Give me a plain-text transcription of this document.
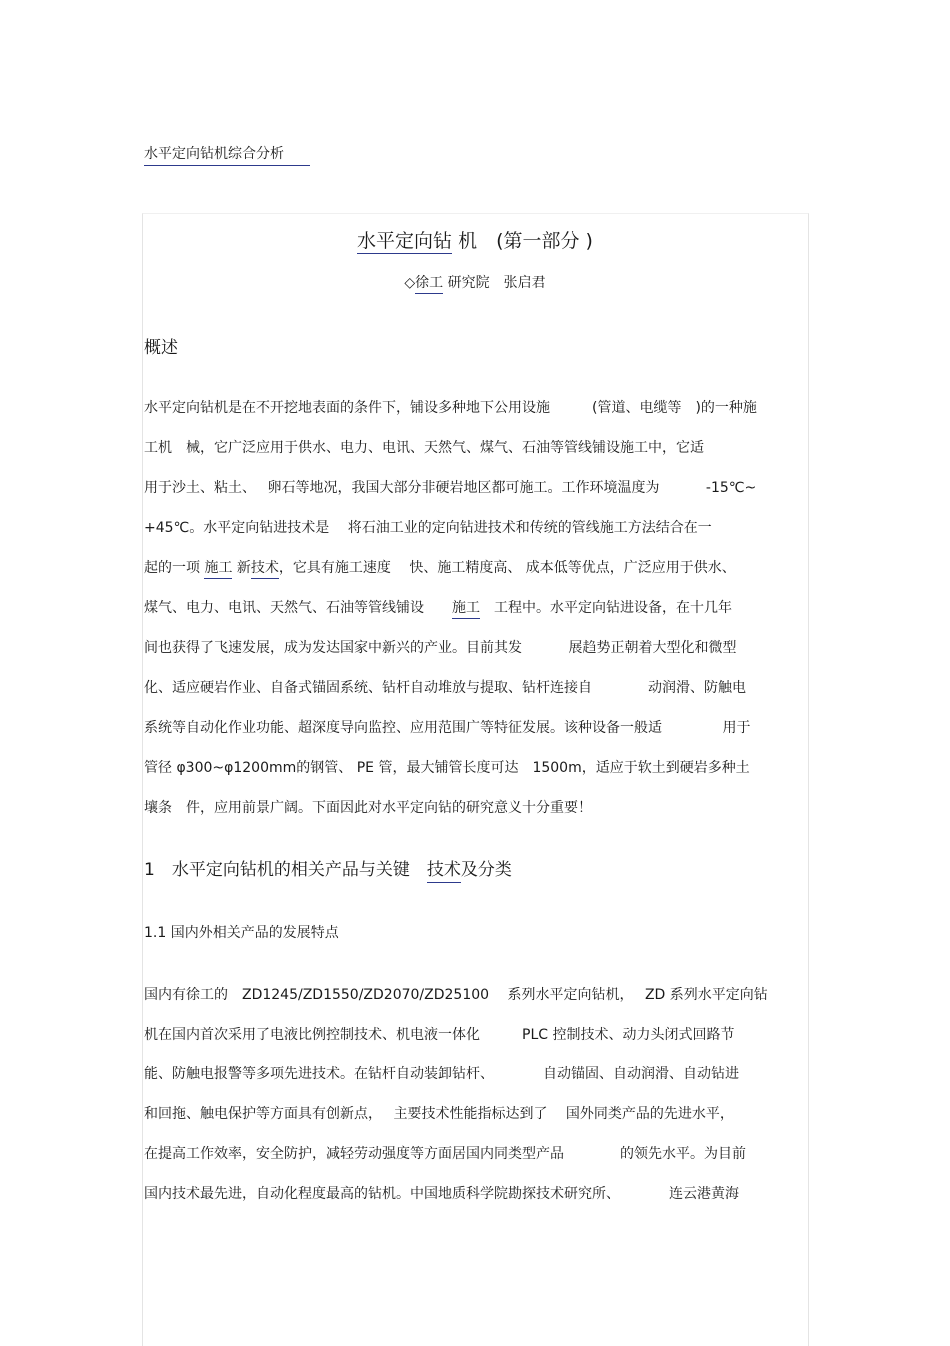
水平定向钻机综合分析
水平定向钻 机　 (第一部分 )
◇徐工 研究院　张启君
概述
水平定向钻机是在不开挖地表面的条件下，铺设多种地下公用设施　　　(管道、电缆等　)的一种施
工机　械，它广泛应用于供水、电力、电讯、天然气、煤气、石油等管线铺设施工中，它适
用于沙土、粘土、　 卵石等地况，我国大部分非硬岩地区都可施工。工作环境温度为　　　 -15℃~
+45℃。水平定向钻进技术是　 将石油工业的定向钻进技术和传统的管线施工方法结合在一
起的一项 施工 新技术，它具有施工速度　 快、施工精度高、 成本低等优点，广泛应用于供水、
煤气、电力、电讯、天然气、石油等管线铺设　　施工　工程中。水平定向钻进设备，在十几年
间也获得了飞速发展，成为发达国家中新兴的产业。目前其发　　　 展趋势正朝着大型化和微型
化、适应硬岩作业、自备式锚固系统、钻杆自动堆放与提取、钻杆连接自　　　　动润滑、防触电
系统等自动化作业功能、超深度导向监控、应用范围广等特征发展。该种设备一般适　　　　 用于
管径 φ300~φ1200mm的钢管、 PE 管，最大铺管长度可达　1500m，适应于软土到硬岩多种土
壤条　件，应用前景广阔。下面因此对水平定向钻的研究意义十分重要！
1　水平定向钻机的相关产品与关键　技术及分类
1.1 国内外相关产品的发展特点
国内有徐工的　ZD1245/ZD1550/ZD2070/ZD25100　 系列水平定向钻机，　 ZD 系列水平定向钻
机在国内首次采用了电液比例控制技术、机电液一体化　　　PLC 控制技术、动力头闭式回路节
能、防触电报警等多项先进技术。在钻杆自动装卸钻杆、　　　　自动锚固、自动润滑、自动钻进
和回拖、触电保护等方面具有创新点，　 主要技术性能指标达到了　 国外同类产品的先进水平，
在提高工作效率，安全防护，减轻劳动强度等方面居国内同类型产品　　　　的领先水平。为目前
国内技术最先进，自动化程度最高的钻机。中国地质科学院勘探技术研究所、　　　　连云港黄海
